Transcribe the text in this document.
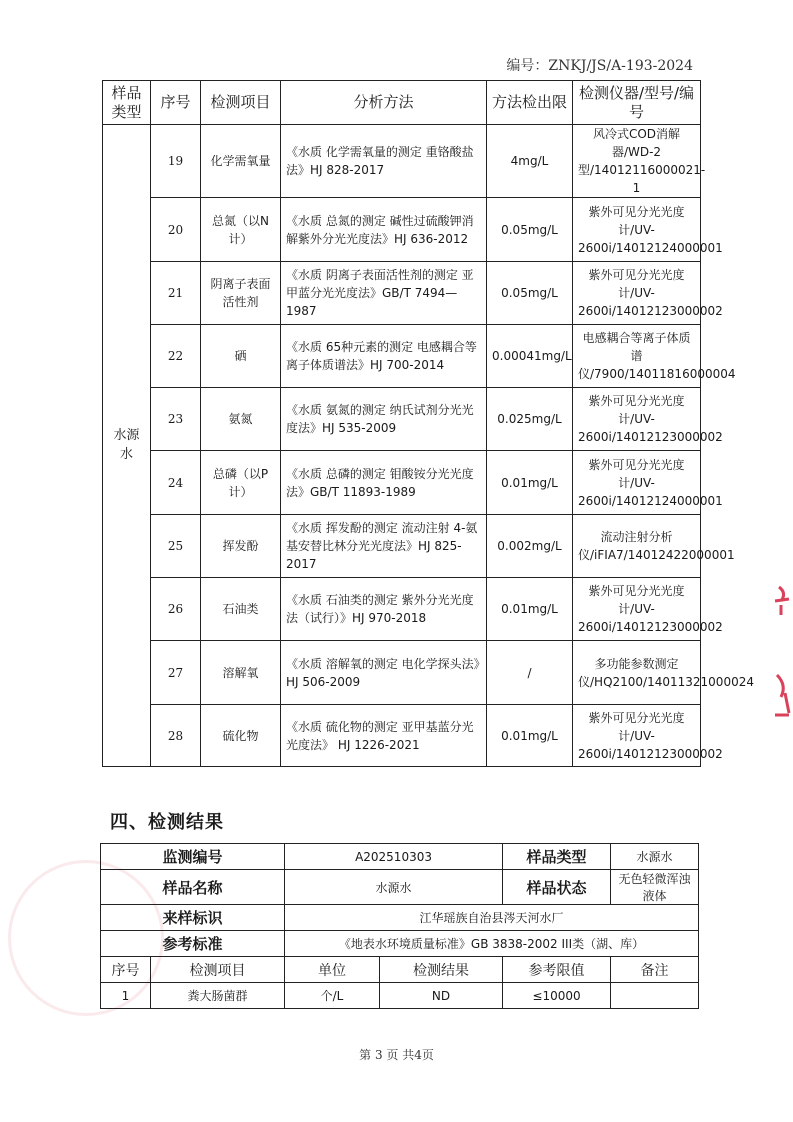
编号：ZNKJ/JS/A-193-2024
样品类型	序号	检测项目	分析方法	方法检出限	检测仪器/型号/编号
水源水	19	化学需氧量	《水质 化学需氧量的测定 重铬酸盐法》HJ 828-2017	4mg/L	风冷式COD消解器/WD-2型/14012116000021-1
	20	总氮（以N计）	《水质 总氮的测定 碱性过硫酸钾消解紫外分光光度法》HJ 636-2012	0.05mg/L	紫外可见分光光度计/UV-2600i/14012124000001
	21	阴离子表面活性剂	《水质 阴离子表面活性剂的测定 亚甲蓝分光光度法》GB/T 7494—1987	0.05mg/L	紫外可见分光光度计/UV-2600i/14012123000002
	22	硒	《水质 65种元素的测定 电感耦合等离子体质谱法》HJ 700-2014	0.00041mg/L	电感耦合等离子体质谱仪/7900/14011816000004
	23	氨氮	《水质 氨氮的测定 纳氏试剂分光光度法》HJ 535-2009	0.025mg/L	紫外可见分光光度计/UV-2600i/14012123000002
	24	总磷（以P计）	《水质 总磷的测定 钼酸铵分光光度法》GB/T 11893-1989	0.01mg/L	紫外可见分光光度计/UV-2600i/14012124000001
	25	挥发酚	《水质 挥发酚的测定 流动注射 4-氨基安替比林分光光度法》HJ 825-2017	0.002mg/L	流动注射分析仪/iFIA7/14012422000001
	26	石油类	《水质 石油类的测定 紫外分光光度法（试行）》HJ 970-2018	0.01mg/L	紫外可见分光光度计/UV-2600i/14012123000002
	27	溶解氧	《水质 溶解氧的测定 电化学探头法》HJ 506-2009	/	多功能参数测定仪/HQ2100/14011321000024
	28	硫化物	《水质 硫化物的测定 亚甲基蓝分光光度法》 HJ 1226-2021	0.01mg/L	紫外可见分光光度计/UV-2600i/14012123000002
四、检测结果
监测编号		A202510303		样品类型	水源水
样品名称		水源水		样品状态	无色轻微浑浊液体
来样标识		江华瑶族自治县涔天河水厂			
参考标准		《地表水环境质量标准》GB 3838-2002 III类（湖、库）			
序号	检测项目	单位	检测结果	参考限值	备注
1	粪大肠菌群	个/L	ND	≤10000	
第 3 页 共4页
